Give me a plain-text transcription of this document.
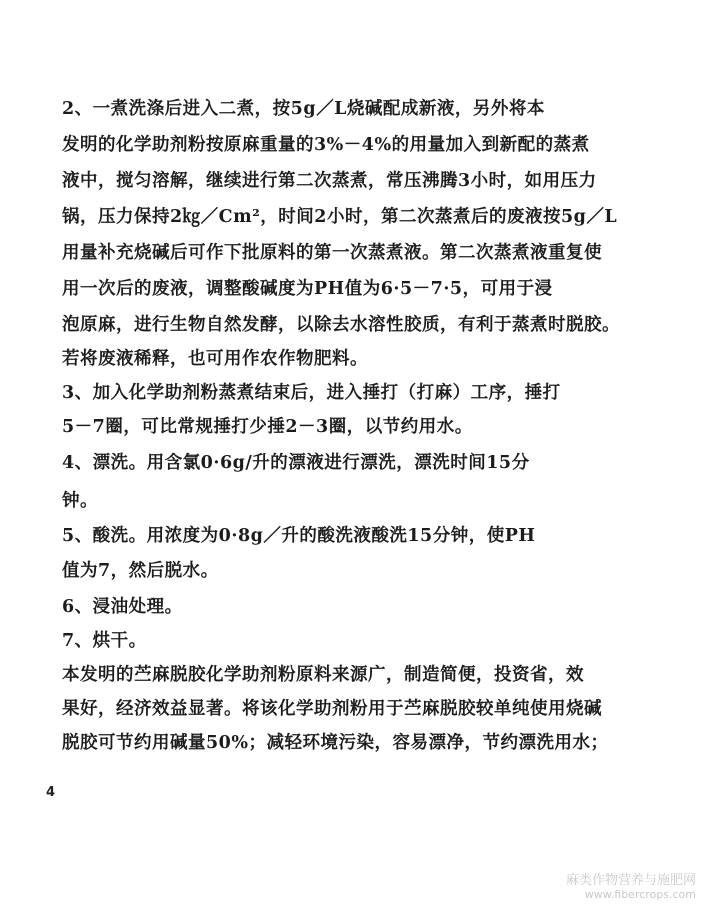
2、一煮洗涤后进入二煮，按5g／L烧碱配成新液，另外将本
发明的化学助剂粉按原麻重量的3%－4%的用量加入到新配的蒸煮
液中，搅匀溶解，继续进行第二次蒸煮，常压沸腾3小时，如用压力
锅，压力保持2㎏／Cm²，时间2小时，第二次蒸煮后的废液按5g／L
用量补充烧碱后可作下批原料的第一次蒸煮液。第二次蒸煮液重复使
用一次后的废液，调整酸碱度为PH值为6·5－7·5，可用于浸
泡原麻，进行生物自然发酵，以除去水溶性胶质，有利于蒸煮时脱胶。
若将废液稀释，也可用作农作物肥料。
3、加入化学助剂粉蒸煮结束后，进入捶打（打麻）工序，捶打
5－7圈，可比常规捶打少捶2－3圈，以节约用水。
4、漂洗。用含氯0·6g/升的漂液进行漂洗，漂洗时间15分
钟。
5、酸洗。用浓度为0·8g／升的酸洗液酸洗15分钟，使PH
值为7，然后脱水。
6、浸油处理。
7、烘干。
本发明的苎麻脱胶化学助剂粉原料来源广，制造简便，投资省，效
果好，经济效益显著。将该化学助剂粉用于苎麻脱胶较单纯使用烧碱
脱胶可节约用碱量50%；减轻环境污染，容易漂净，节约漂洗用水；
4
麻类作物营养与施肥网
www.fibercrops.com
